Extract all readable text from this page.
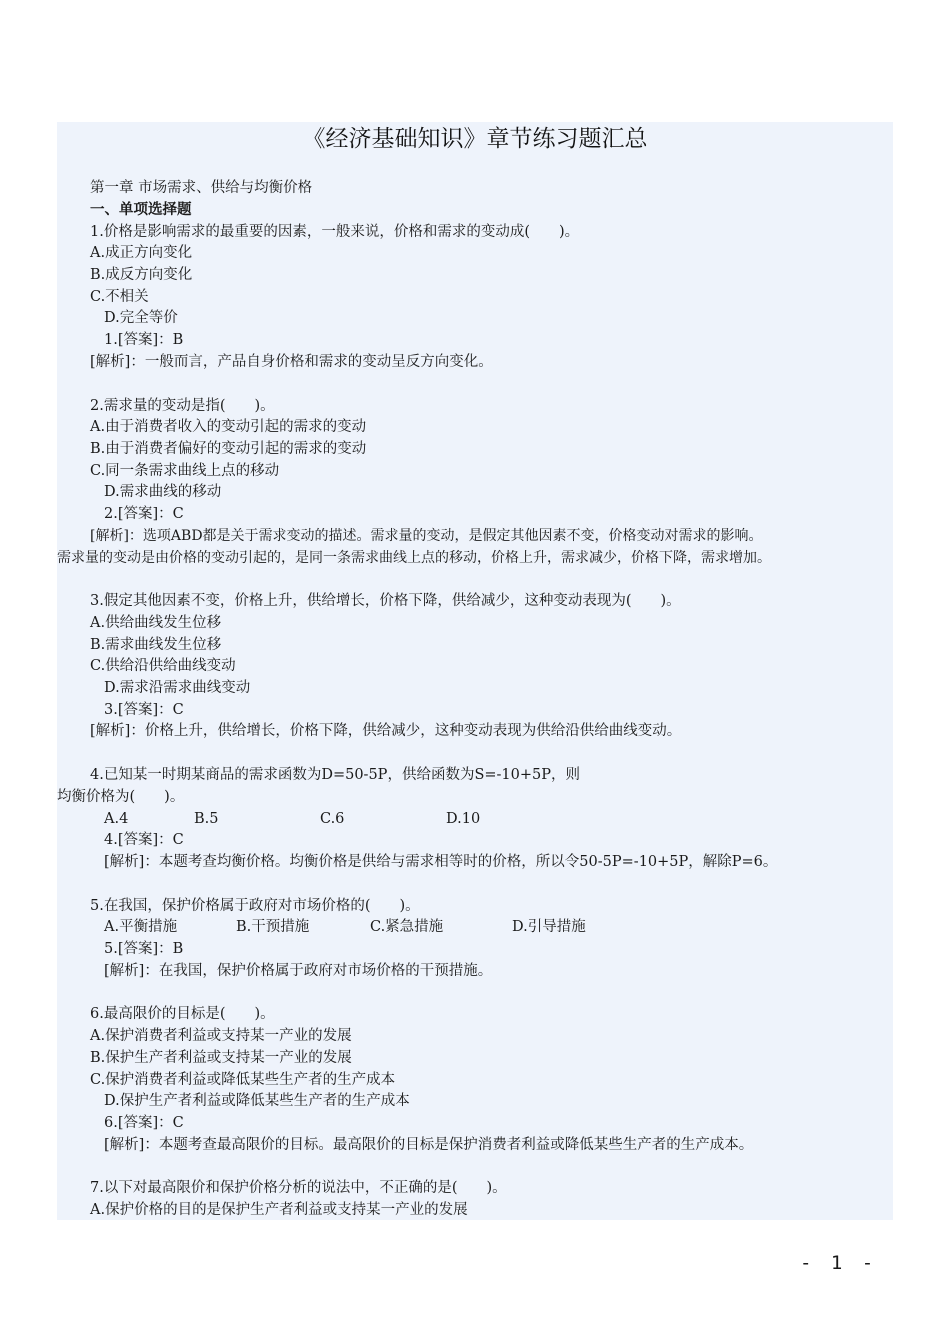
《经济基础知识》章节练习题汇总
第一章 市场需求、供给与均衡价格
一、单项选择题
1.价格是影响需求的最重要的因素，一般来说，价格和需求的变动成(　　)。
A.成正方向变化
B.成反方向变化
C.不相关
D.完全等价
1.[答案]：B
[解析]：一般而言，产品自身价格和需求的变动呈反方向变化。
2.需求量的变动是指(　　)。
A.由于消费者收入的变动引起的需求的变动
B.由于消费者偏好的变动引起的需求的变动
C.同一条需求曲线上点的移动
D.需求曲线的移动
2.[答案]：C
[解析]：选项ABD都是关于需求变动的描述。需求量的变动，是假定其他因素不变，价格变动对需求的影响。
需求量的变动是由价格的变动引起的，是同一条需求曲线上点的移动，价格上升，需求减少，价格下降，需求增加。
3.假定其他因素不变，价格上升，供给增长，价格下降，供给减少，这种变动表现为(　　)。
A.供给曲线发生位移
B.需求曲线发生位移
C.供给沿供给曲线变动
D.需求沿需求曲线变动
3.[答案]：C
[解析]：价格上升，供给增长，价格下降，供给减少，这种变动表现为供给沿供给曲线变动。
4.已知某一时期某商品的需求函数为D=50-5P，供给函数为S=-10+5P，则
均衡价格为(　　)。
A.4	B.5	C.6	D.10
4.[答案]：C
[解析]：本题考查均衡价格。均衡价格是供给与需求相等时的价格，所以令50-5P=-10+5P，解除P=6。
5.在我国，保护价格属于政府对市场价格的(　　)。
A.平衡措施	B.干预措施	C.紧急措施	D.引导措施
5.[答案]：B
[解析]：在我国，保护价格属于政府对市场价格的干预措施。
6.最高限价的目标是(　　)。
A.保护消费者利益或支持某一产业的发展
B.保护生产者利益或支持某一产业的发展
C.保护消费者利益或降低某些生产者的生产成本
D.保护生产者利益或降低某些生产者的生产成本
6.[答案]：C
[解析]：本题考查最高限价的目标。最高限价的目标是保护消费者利益或降低某些生产者的生产成本。
7.以下对最高限价和保护价格分析的说法中，不正确的是(　　)。
A.保护价格的目的是保护生产者利益或支持某一产业的发展
- 1 -
